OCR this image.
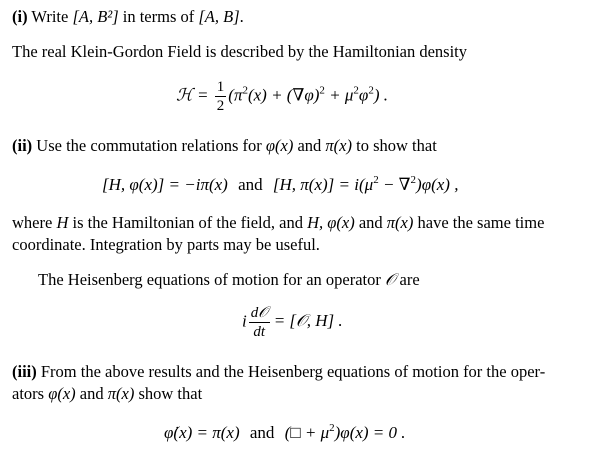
(i) Write [A, B²] in terms of [A, B].
The real Klein-Gordon Field is described by the Hamiltonian density
ℋ = $\frac{1}{2} (\pi^2(x) + (\nabla\varphi)^2 + \mu^2\varphi^2)$ .
(ii) Use the commutation relations for φ(x) and π(x) to show that
[H, φ(x)] = −iπ(x) and [H, $\pi(x)] = i(\mu^2 - \nabla^2)\varphi(x)$ ,
where H is the Hamiltonian of the field, and H, φ(x) and π(x) have the same time
coordinate. Integration by parts may be useful.
The Heisenberg equations of motion for an operator 𝒪 are
i $\frac{\text{d𝒪}}{dt}$ = [𝒪, H] .
(iii) From the above results and the Heisenberg equations of motion for the oper-
ators φ(x) and π(x) show that
φ̇(x) = π(x) and (□ + $\mu^2)\varphi(x) = 0$ .
